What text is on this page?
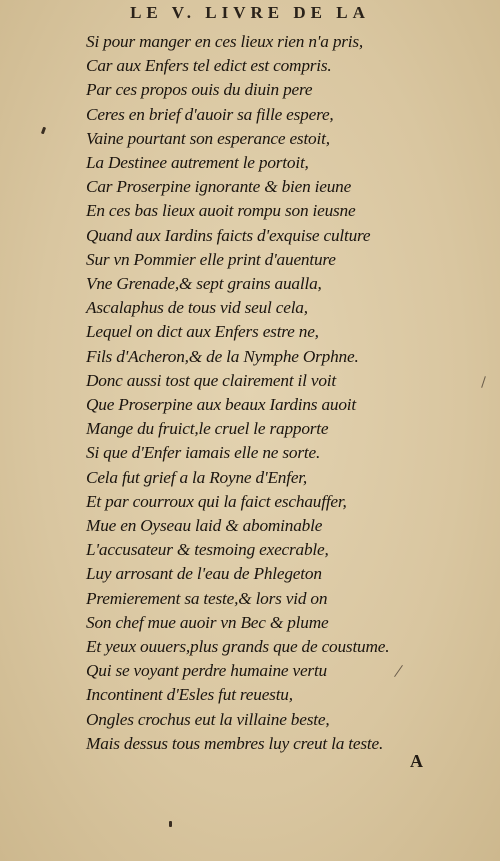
LE V. LIVRE DE LA
Si pour manger en ces lieux rien n'a pris,
Car aux Enfers tel edict est compris.
Par ces propos ouis du diuin pere
Ceres en brief d'auoir sa fille espere,
Vaine pourtant son esperance estoit,
La Destinee autrement le portoit,
Car Proserpine ignorante & bien ieune
En ces bas lieux auoit rompu son ieusne
Quand aux Iardins faicts d'exquise culture
Sur vn Pommier elle print d'auenture
Vne Grenade,& sept grains aualla,
Ascalaphus de tous vid seul cela,
Lequel on dict aux Enfers estre ne,
Fils d'Acheron,& de la Nymphe Orphne.
Donc aussi tost que clairement il voit
Que Proserpine aux beaux Iardins auoit
Mange du fruict,le cruel le rapporte
Si que d'Enfer iamais elle ne sorte.
Cela fut grief a la Royne d'Enfer,
Et par courroux qui la faict eschauffer,
Mue en Oyseau laid & abominable
L'accusateur & tesmoing execrable,
Luy arrosant de l'eau de Phlegeton
Premierement sa teste,& lors vid on
Son chef mue auoir vn Bec & plume
Et yeux ouuers,plus grands que de coustume.
Qui se voyant perdre humaine vertu
Incontinent d'Esles fut reuestu,
Ongles crochus eut la villaine beste,
Mais dessus tous membres luy creut la teste.
A
